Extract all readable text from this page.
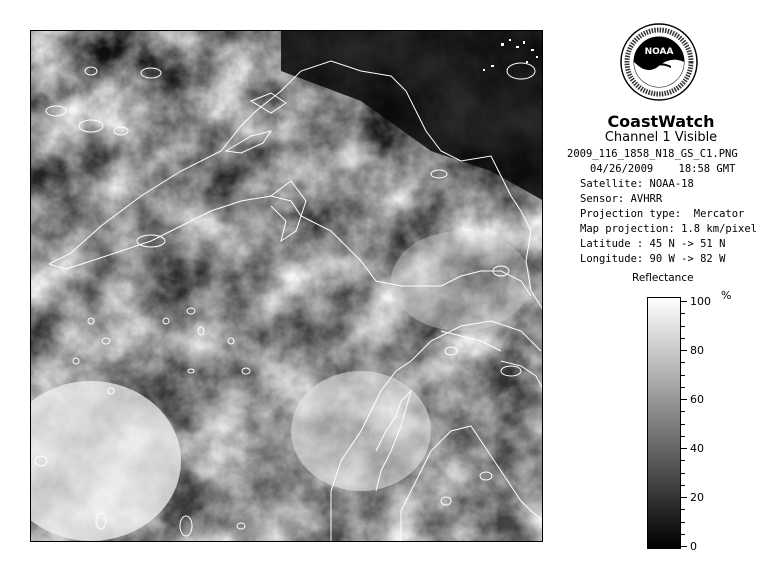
NOAA
CoastWatch
Channel 1 Visible
2009_116_1858_N18_GS_C1.PNG
04/26/2009    18:58 GMT
Satellite: NOAA-18
Sensor: AVHRR
Projection type:  Mercator
Map projection: 1.8 km/pixel
Latitude : 45 N -> 51 N
Longitude: 90 W -> 82 W
Reflectance
%
0
20
40
60
80
100
